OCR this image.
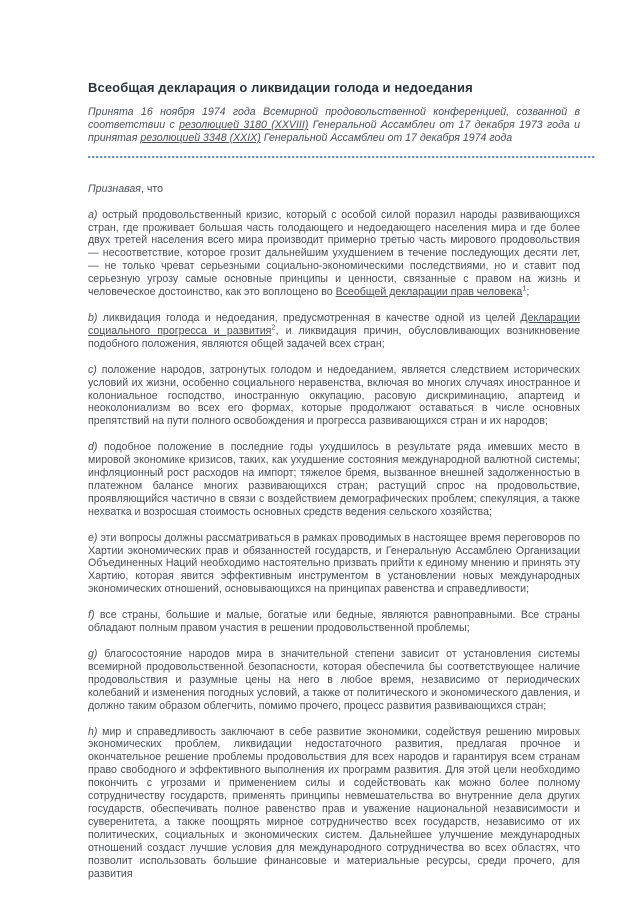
Всеобщая декларация о ликвидации голода и недоедания

Принята 16 ноября 1974 года Всемирной продовольственной конференцией, созванной в соответствии с резолюцией 3180 (XXVIII) Генеральной Ассамблеи от 17 декабря 1973 года и принятая резолюцией 3348 (XXIX) Генеральной Ассамблеи от 17 декабря 1974 года

Признавая, что

a) острый продовольственный кризис, который с особой силой поразил народы развивающихся стран, где проживает большая часть голодающего и недоедающего населения мира и где более двух третей населения всего мира производит примерно третью часть мирового продовольствия — несоответствие, которое грозит дальнейшим ухудшением в течение последующих десяти лет, — не только чреват серьезными социально-экономическими последствиями, но и ставит под серьезную угрозу самые основные принципы и ценности, связанные с правом на жизнь и человеческое достоинство, как это воплощено во Всеобщей декларации прав человека$^1$;

b) ликвидация голода и недоедания, предусмотренная в качестве одной из целей Декларации социального прогресса и развития$^2$, и ликвидация причин, обусловливающих возникновение подобного положения, являются общей задачей всех стран;

c) положение народов, затронутых голодом и недоеданием, является следствием исторических условий их жизни, особенно социального неравенства, включая во многих случаях иностранное и колониальное господство, иностранную оккупацию, расовую дискриминацию, апартеид и неоколониализм во всех его формах, которые продолжают оставаться в числе основных препятствий на пути полного освобождения и прогресса развивающихся стран и их народов;

d) подобное положение в последние годы ухудшилось в результате ряда имевших место в мировой экономике кризисов, таких, как ухудшение состояния международной валютной системы; инфляционный рост расходов на импорт; тяжелое бремя, вызванное внешней задолженностью в платежном балансе многих развивающихся стран; растущий спрос на продовольствие, проявляющийся частично в связи с воздействием демографических проблем; спекуляция, а также нехватка и возросшая стоимость основных средств ведения сельского хозяйства;

e) эти вопросы должны рассматриваться в рамках проводимых в настоящее время переговоров по Хартии экономических прав и обязанностей государств, и Генеральную Ассамблею Организации Объединенных Наций необходимо настоятельно призвать прийти к единому мнению и принять эту Хартию, которая явится эффективным инструментом в установлении новых международных экономических отношений, основывающихся на принципах равенства и справедливости;

f) все страны, большие и малые, богатые или бедные, являются равноправными. Все страны обладают полным правом участия в решении продовольственной проблемы;

g) благосостояние народов мира в значительной степени зависит от установления системы всемирной продовольственной безопасности, которая обеспечила бы соответствующее наличие продовольствия и разумные цены на него в любое время, независимо от периодических колебаний и изменения погодных условий, а также от политического и экономического давления, и должно таким образом облегчить, помимо прочего, процесс развития развивающихся стран;

h) мир и справедливость заключают в себе развитие экономики, содействуя решению мировых экономических проблем, ликвидации недостаточного развития, предлагая прочное и окончательное решение проблемы продовольствия для всех народов и гарантируя всем странам право свободного и эффективного выполнения их программ развития. Для этой цели необходимо покончить с угрозами и применением силы и содействовать как можно более полному сотрудничеству государств, применять принципы невмешательства во внутренние дела других государств, обеспечивать полное равенство прав и уважение национальной независимости и суверенитета, а также поощрять мирное сотрудничество всех государств, независимо от их политических, социальных и экономических систем. Дальнейшее улучшение международных отношений создаст лучшие условия для международного сотрудничества во всех областях, что позволит использовать большие финансовые и материальные ресурсы, среди прочего, для развития
